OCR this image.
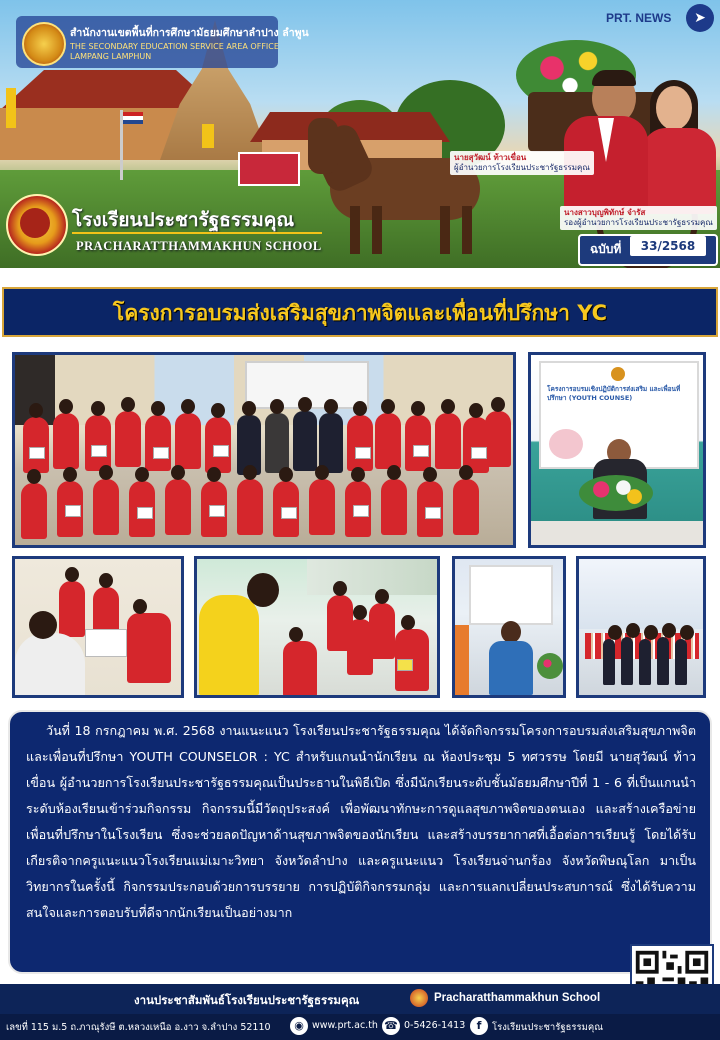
นายสุวัฒน์ ท้าวเขื่อน
ผู้อำนวยการโรงเรียนประชารัฐธรรมคุณ
นางสาวบุญพิทักษ์ จำรัส
รองผู้อำนวยการโรงเรียนประชารัฐธรรมคุณ
สำนักงานเขตพื้นที่การศึกษามัธยมศึกษาลำปาง ลำพูน
THE SECONDARY EDUCATION SERVICE AREA OFFICE
LAMPANG LAMPHUN
PRT. NEWS	➤
โรงเรียนประชารัฐธรรมคุณ
PRACHARATTHAMMAKHUN SCHOOL	ฉบับที่	33/2568
โครงการอบรมส่งเสริมสุขภาพจิตและเพื่อนที่ปรึกษา YC
โครงการอบรมเชิงปฏิบัติการส่งเสริม และเพื่อนที่ปรึกษา (YOUTH COUNSE)
วันที่ 18 กรกฎาคม พ.ศ. 2568 งานแนะแนว โรงเรียนประชารัฐธรรมคุณ ได้จัดกิจกรรมโครงการอบรมส่งเสริมสุขภาพจิตและเพื่อนที่ปรึกษา YOUTH COUNSELOR : YC สำหรับแกนนำนักเรียน ณ ห้องประชุม 5 ทศวรรษ โดยมี นายสุวัฒน์ ท้าวเขื่อน ผู้อำนวยการโรงเรียนประชารัฐธรรมคุณเป็นประธานในพิธีเปิด ซึ่งมีนักเรียนระดับชั้นมัธยมศึกษาปีที่ 1 - 6 ที่เป็นแกนนำระดับห้องเรียนเข้าร่วมกิจกรรม กิจกรรมนี้มีวัตถุประสงค์ เพื่อพัฒนาทักษะการดูแลสุขภาพจิตของตนเอง และสร้างเครือข่ายเพื่อนที่ปรึกษาในโรงเรียน ซึ่งจะช่วยลดปัญหาด้านสุขภาพจิตของนักเรียน และสร้างบรรยากาศที่เอื้อต่อการเรียนรู้ โดยได้รับเกียรติจากครูแนะแนวโรงเรียนแม่เมาะวิทยา จังหวัดลำปาง และครูแนะแนว โรงเรียนจ่านกร้อง จังหวัดพิษณุโลก มาเป็นวิทยากรในครั้งนี้ กิจกรรมประกอบด้วยการบรรยาย การปฏิบัติกิจกรรมกลุ่ม และการแลกเปลี่ยนประสบการณ์ ซึ่งได้รับความสนใจและการตอบรับที่ดีจากนักเรียนเป็นอย่างมาก
งานประชาสัมพันธ์โรงเรียนประชารัฐธรรมคุณ	Pracharatthammakhun School
เลขที่ 115 ม.5 ถ.ภาณุรังษี ต.หลวงเหนือ อ.งาว จ.ลำปาง 52110	◉ www.prt.ac.th ☎ 0-5426-1413	f	โรงเรียนประชารัฐธรรมคุณ
